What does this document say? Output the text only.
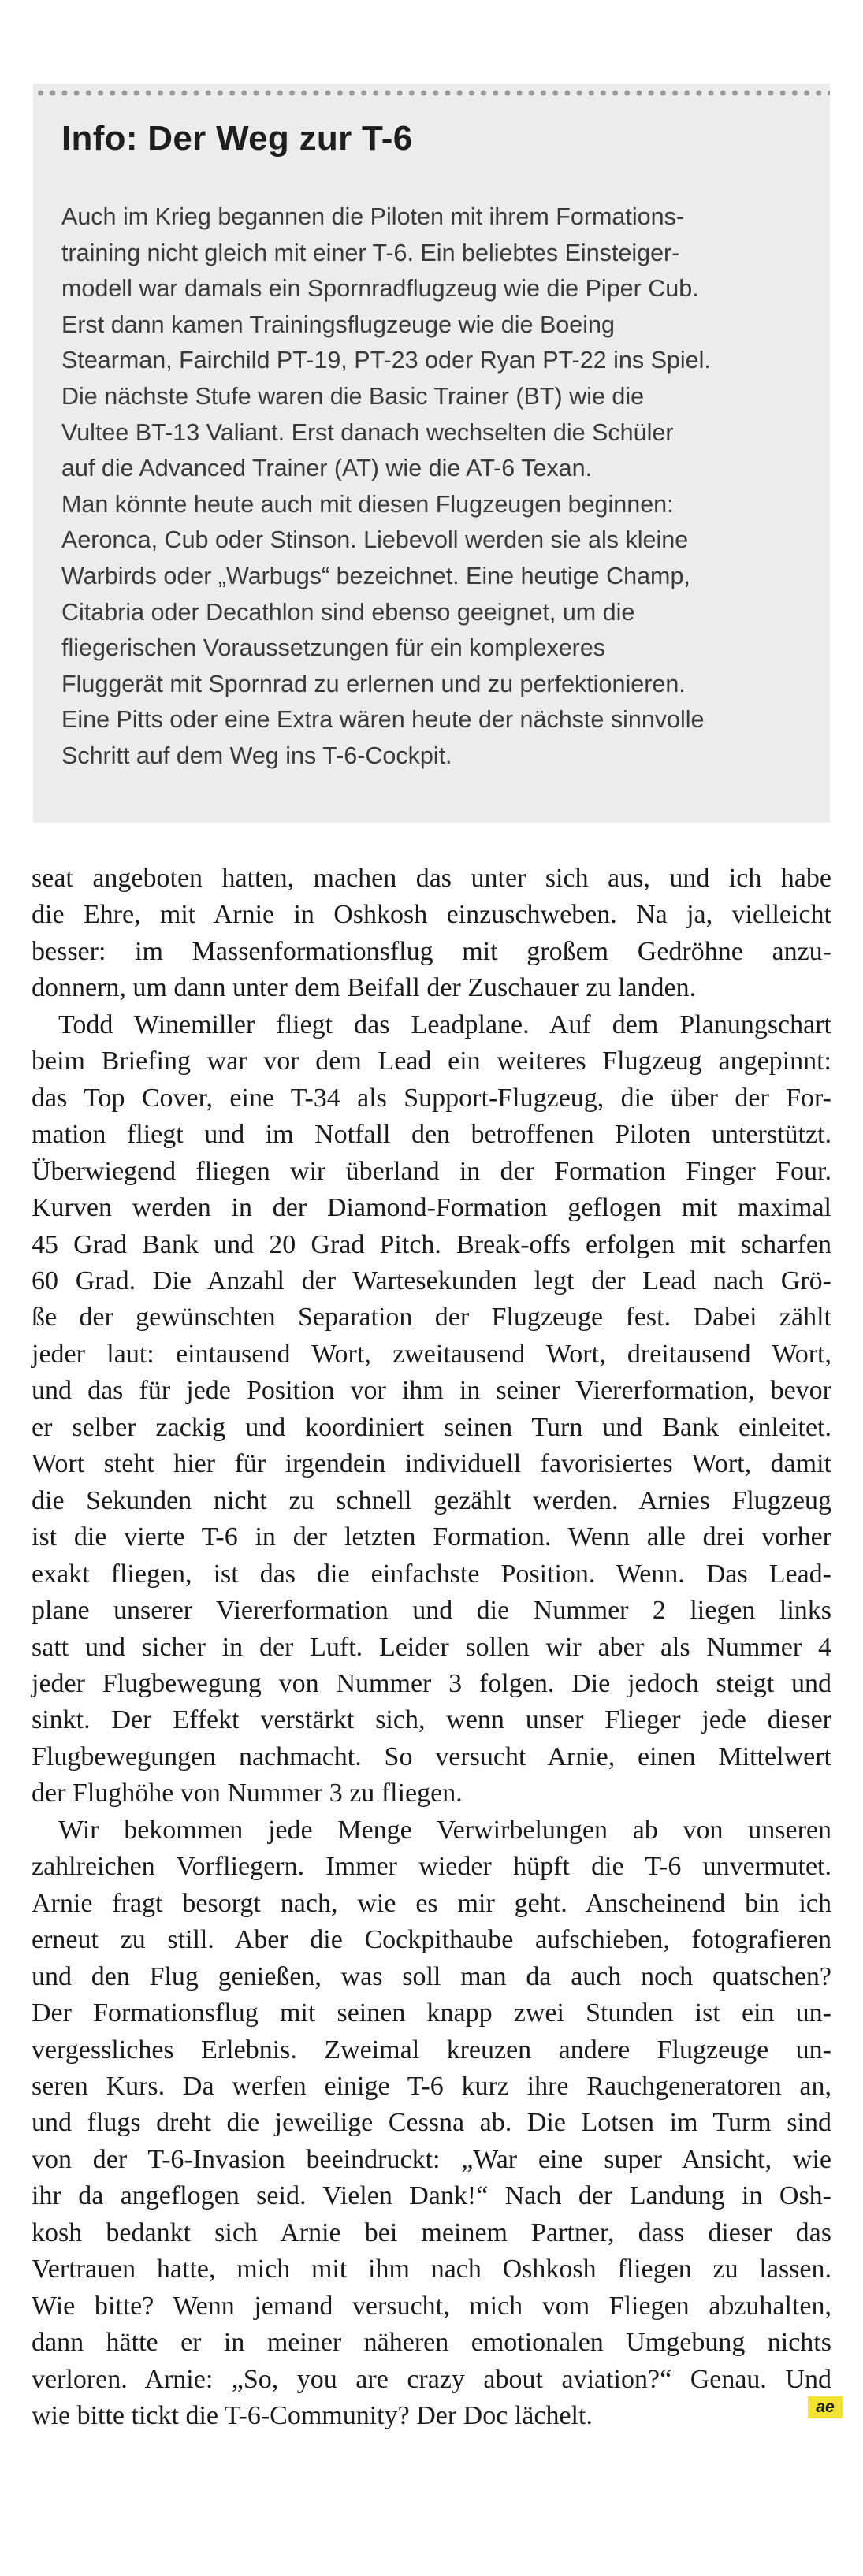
Info: Der Weg zur T-6
Auch im Krieg begannen die Piloten mit ihrem Formations-
training nicht gleich mit einer T-6. Ein beliebtes Einsteiger-
modell war damals ein Spornradflugzeug wie die Piper Cub.
Erst dann kamen Trainingsflugzeuge wie die Boeing
Stearman, Fairchild PT-19, PT-23 oder Ryan PT-22 ins Spiel.
Die nächste Stufe waren die Basic Trainer (BT) wie die
Vultee BT-13 Valiant. Erst danach wechselten die Schüler
auf die Advanced Trainer (AT) wie die AT-6 Texan.
Man könnte heute auch mit diesen Flugzeugen beginnen:
Aeronca, Cub oder Stinson. Liebevoll werden sie als kleine
Warbirds oder „Warbugs“ bezeichnet. Eine heutige Champ,
Citabria oder Decathlon sind ebenso geeignet, um die
fliegerischen Voraussetzungen für ein komplexeres
Fluggerät mit Spornrad zu erlernen und zu perfektionieren.
Eine Pitts oder eine Extra wären heute der nächste sinnvolle
Schritt auf dem Weg ins T-6-Cockpit.
seat angeboten hatten, machen das unter sich aus, und ich habe
die Ehre, mit Arnie in Oshkosh einzuschweben. Na ja, vielleicht
besser: im Massenformationsflug mit großem Gedröhne anzu-
donnern, um dann unter dem Beifall der Zuschauer zu landen.
Todd Winemiller fliegt das Leadplane. Auf dem Planungschart
beim Briefing war vor dem Lead ein weiteres Flugzeug angepinnt:
das Top Cover, eine T-34 als Support-Flugzeug, die über der For-
mation fliegt und im Notfall den betroffenen Piloten unterstützt.
Überwiegend fliegen wir überland in der Formation Finger Four.
Kurven werden in der Diamond-Formation geflogen mit maximal
45 Grad Bank und 20 Grad Pitch. Break-offs erfolgen mit scharfen
60 Grad. Die Anzahl der Wartesekunden legt der Lead nach Grö-
ße der gewünschten Separation der Flugzeuge fest. Dabei zählt
jeder laut: eintausend Wort, zweitausend Wort, dreitausend Wort,
und das für jede Position vor ihm in seiner Viererformation, bevor
er selber zackig und koordiniert seinen Turn und Bank einleitet.
Wort steht hier für irgendein individuell favorisiertes Wort, damit
die Sekunden nicht zu schnell gezählt werden. Arnies Flugzeug
ist die vierte T-6 in der letzten Formation. Wenn alle drei vorher
exakt fliegen, ist das die einfachste Position. Wenn. Das Lead-
plane unserer Viererformation und die Nummer 2 liegen links
satt und sicher in der Luft. Leider sollen wir aber als Nummer 4
jeder Flugbewegung von Nummer 3 folgen. Die jedoch steigt und
sinkt. Der Effekt verstärkt sich, wenn unser Flieger jede dieser
Flugbewegungen nachmacht. So versucht Arnie, einen Mittelwert
der Flughöhe von Nummer 3 zu fliegen.
Wir bekommen jede Menge Verwirbelungen ab von unseren
zahlreichen Vorfliegern. Immer wieder hüpft die T-6 unvermutet.
Arnie fragt besorgt nach, wie es mir geht. Anscheinend bin ich
erneut zu still. Aber die Cockpithaube aufschieben, fotografieren
und den Flug genießen, was soll man da auch noch quatschen?
Der Formationsflug mit seinen knapp zwei Stunden ist ein un-
vergessliches Erlebnis. Zweimal kreuzen andere Flugzeuge un-
seren Kurs. Da werfen einige T-6 kurz ihre Rauchgeneratoren an,
und flugs dreht die jeweilige Cessna ab. Die Lotsen im Turm sind
von der T-6-Invasion beeindruckt: „War eine super Ansicht, wie
ihr da angeflogen seid. Vielen Dank!“ Nach der Landung in Osh-
kosh bedankt sich Arnie bei meinem Partner, dass dieser das
Vertrauen hatte, mich mit ihm nach Oshkosh fliegen zu lassen.
Wie bitte? Wenn jemand versucht, mich vom Fliegen abzuhalten,
dann hätte er in meiner näheren emotionalen Umgebung nichts
verloren. Arnie: „So, you are crazy about aviation?“ Genau. Und
wie bitte tickt die T-6-Community? Der Doc lächelt.	ae
